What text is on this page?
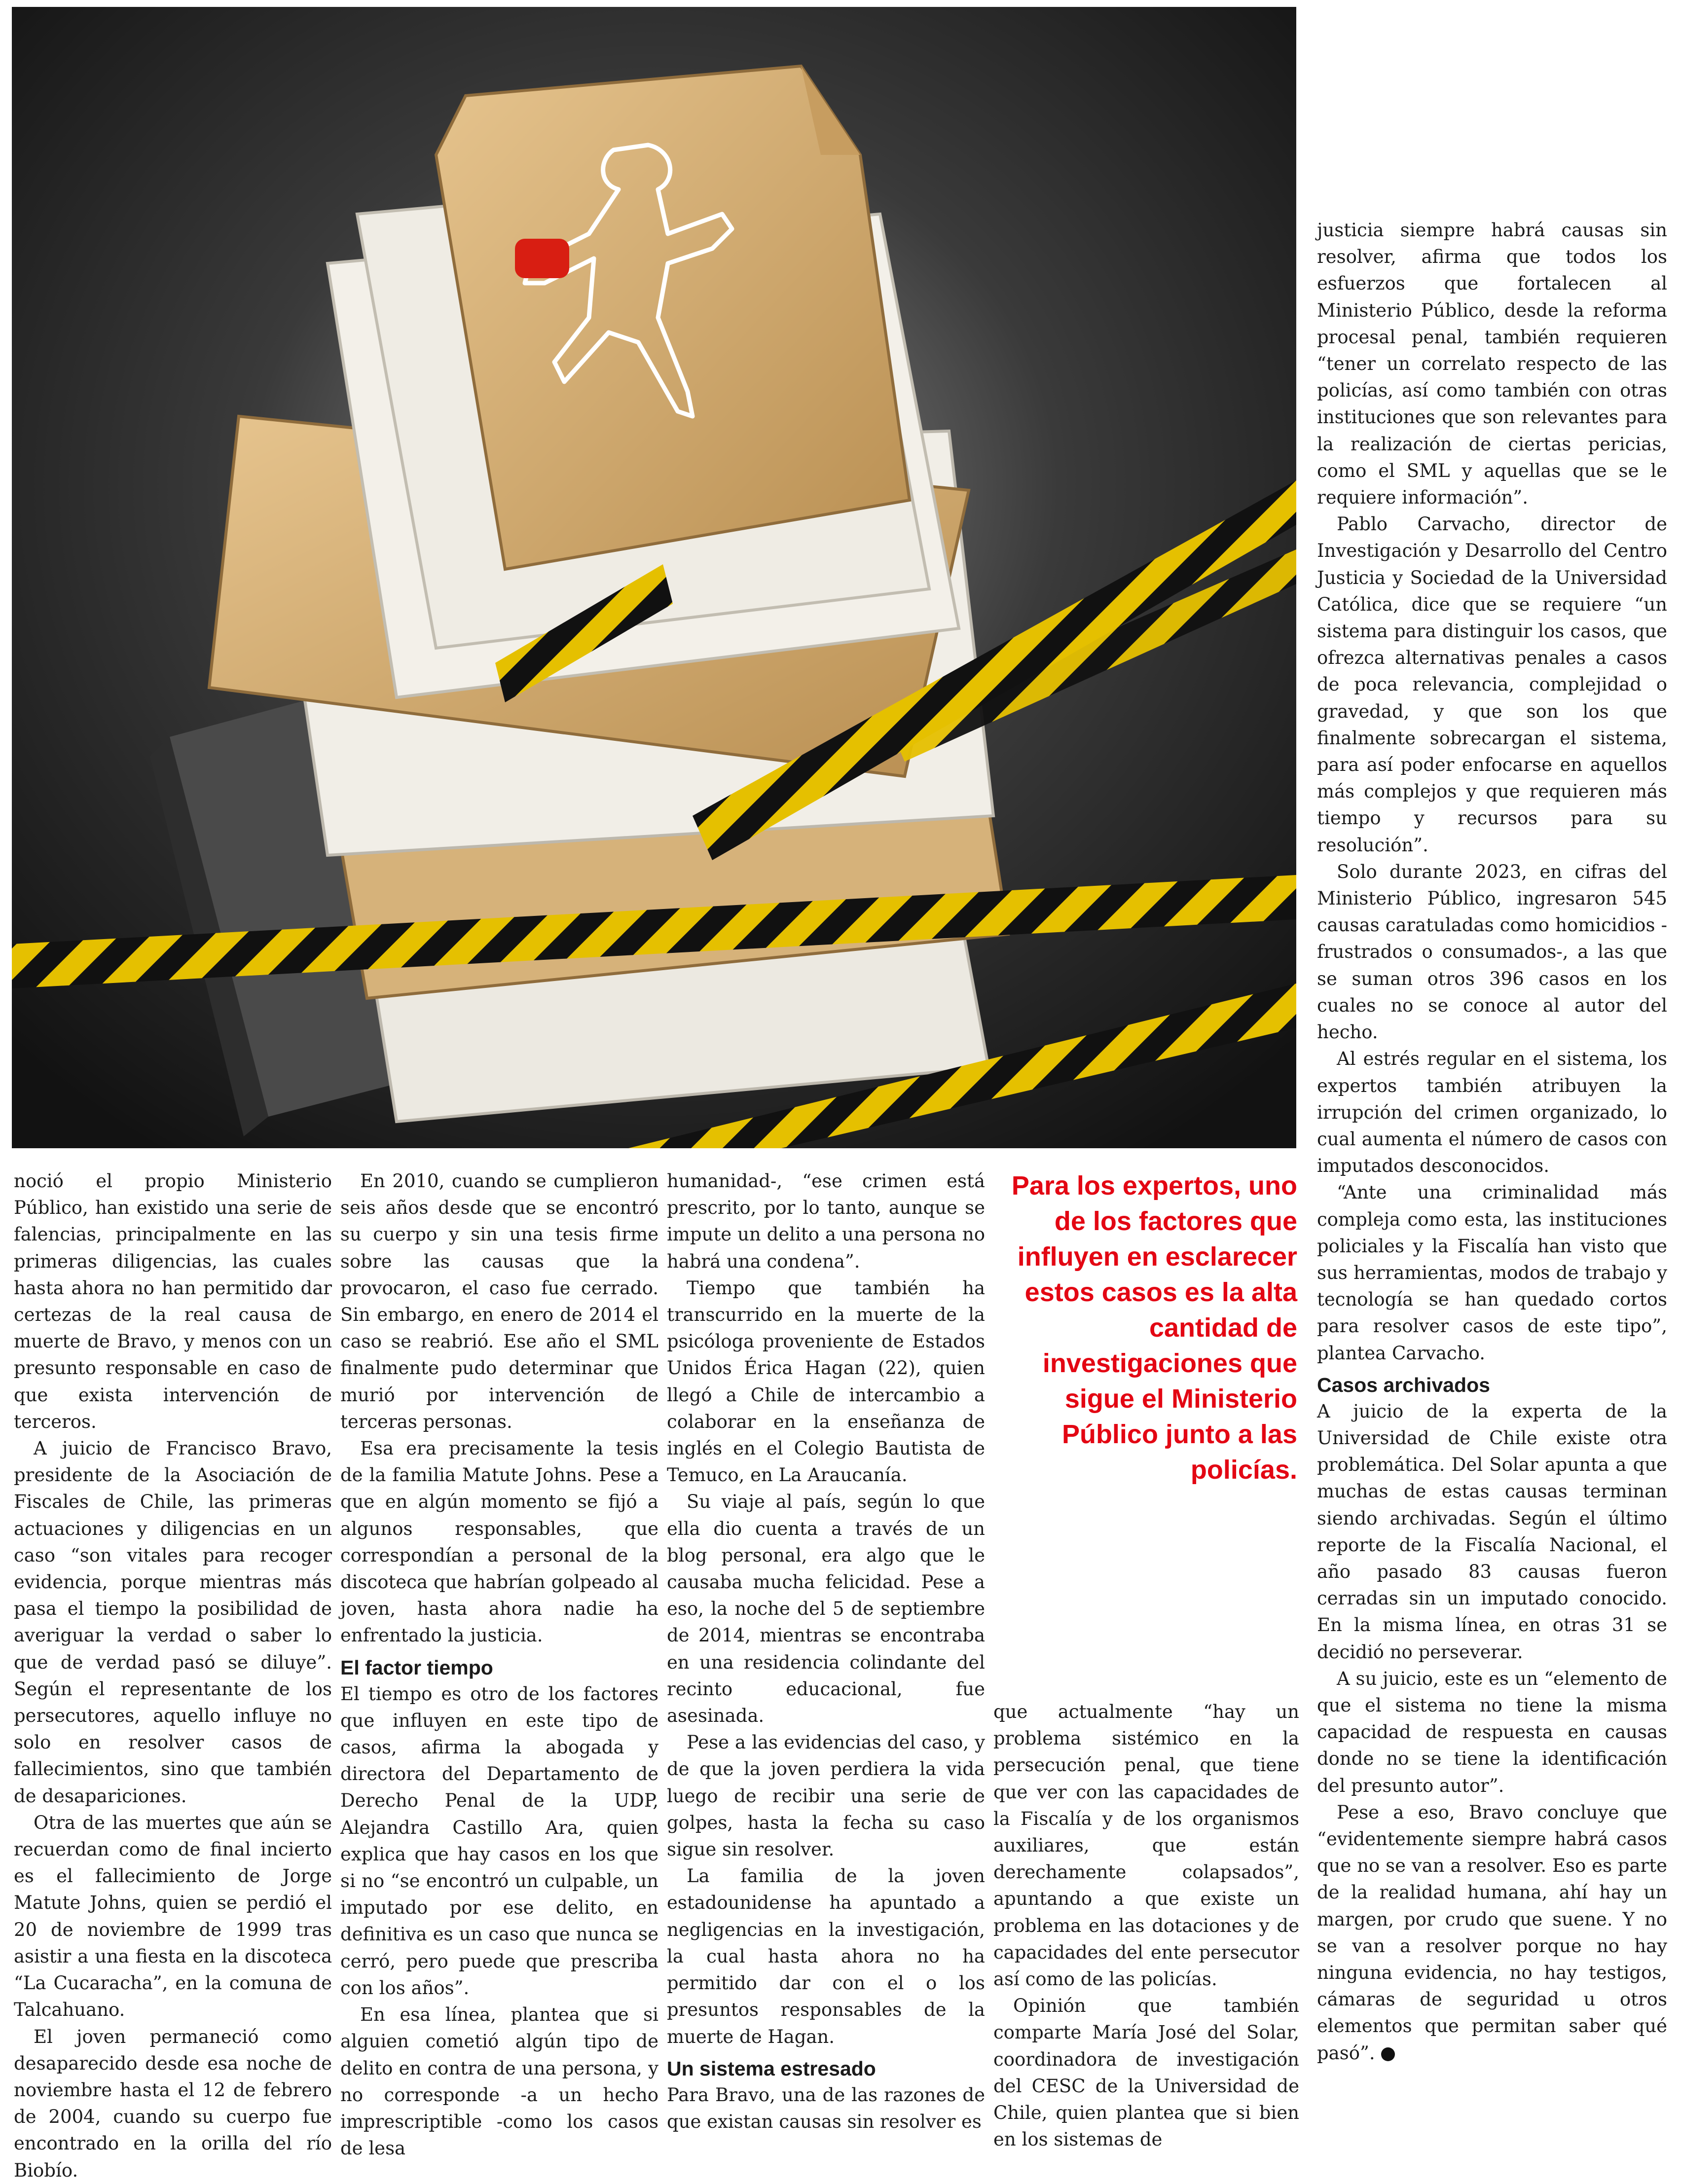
justicia siempre habrá causas sin resolver, afirma que todos los esfuerzos que fortalecen al Ministerio Público, desde la reforma procesal penal, también requieren “tener un correlato respecto de las policías, así como también con otras instituciones que son relevantes para la realización de ciertas pericias, como el SML y aquellas que se le requiere información”.

Pablo Carvacho, director de Investigación y Desarrollo del Centro Justicia y Sociedad de la Universidad Católica, dice que se requiere “un sistema para distinguir los casos, que ofrezca alternativas penales a casos de poca relevancia, complejidad o gravedad, y que son los que finalmente sobrecargan el sistema, para así poder enfocarse en aquellos más complejos y que requieren más tiempo y recursos para su resolución”.

Solo durante 2023, en cifras del Ministerio Público, ingresaron 545 causas caratuladas como homicidios -frustrados o consumados-, a las que se suman otros 396 casos en los cuales no se conoce al autor del hecho.

Al estrés regular en el sistema, los expertos también atribuyen la irrupción del crimen organizado, lo cual aumenta el número de casos con imputados desconocidos.

“Ante una criminalidad más compleja como esta, las instituciones policiales y la Fiscalía han visto que sus herramientas, modos de trabajo y tecnología se han quedado cortos para resolver casos de este tipo”, plantea Carvacho.

Casos archivados

A juicio de la experta de la Universidad de Chile existe otra problemática. Del Solar apunta a que muchas de estas causas terminan siendo archivadas. Según el último reporte de la Fiscalía Nacional, el año pasado 83 causas fueron cerradas sin un imputado conocido. En la misma línea, en otras 31 se decidió no perseverar.

A su juicio, este es un “elemento de que el sistema no tiene la misma capacidad de respuesta en causas donde no se tiene la identificación del presunto autor”.

Pese a eso, Bravo concluye que “evidentemente siempre habrá casos que no se van a resolver. Eso es parte de la realidad humana, ahí hay un margen, por crudo que suene. Y no se van a resolver porque no hay ninguna evidencia, no hay testigos, cámaras de seguridad u otros elementos que permitan saber qué pasó”.

noció el propio Ministerio Público, han existido una serie de falencias, principalmente en las primeras diligencias, las cuales hasta ahora no han permitido dar certezas de la real causa de muerte de Bravo, y menos con un presunto responsable en caso de que exista intervención de terceros.

A juicio de Francisco Bravo, presidente de la Asociación de Fiscales de Chile, las primeras actuaciones y diligencias en un caso “son vitales para recoger evidencia, porque mientras más pasa el tiempo la posibilidad de averiguar la verdad o saber lo que de verdad pasó se diluye”. Según el representante de los persecutores, aquello influye no solo en resolver casos de fallecimientos, sino que también de desapariciones.

Otra de las muertes que aún se recuerdan como de final incierto es el fallecimiento de Jorge Matute Johns, quien se perdió el 20 de noviembre de 1999 tras asistir a una fiesta en la discoteca “La Cucaracha”, en la comuna de Talcahuano.

El joven permaneció como desaparecido desde esa noche de noviembre hasta el 12 de febrero de 2004, cuando su cuerpo fue encontrado en la orilla del río Biobío.

En 2010, cuando se cumplieron seis años desde que se encontró su cuerpo y sin una tesis firme sobre las causas que la provocaron, el caso fue cerrado. Sin embargo, en enero de 2014 el caso se reabrió. Ese año el SML finalmente pudo determinar que murió por intervención de terceras personas.

Esa era precisamente la tesis de la familia Matute Johns. Pese a que en algún momento se fijó a algunos responsables, que correspondían a personal de la discoteca que habrían golpeado al joven, hasta ahora nadie ha enfrentado la justicia.

El factor tiempo

El tiempo es otro de los factores que influyen en este tipo de casos, afirma la abogada y directora del Departamento de Derecho Penal de la UDP, Alejandra Castillo Ara, quien explica que hay casos en los que si no “se encontró un culpable, un imputado por ese delito, en definitiva es un caso que nunca se cerró, pero puede que prescriba con los años”.

En esa línea, plantea que si alguien cometió algún tipo de delito en contra de una persona, y no corresponde -a un hecho imprescriptible -como los casos de lesa

humanidad-, “ese crimen está prescrito, por lo tanto, aunque se impute un delito a una persona no habrá una condena”.

Tiempo que también ha transcurrido en la muerte de la psicóloga proveniente de Estados Unidos Érica Hagan (22), quien llegó a Chile de intercambio a colaborar en la enseñanza de inglés en el Colegio Bautista de Temuco, en La Araucanía.

Su viaje al país, según lo que ella dio cuenta a través de un blog personal, era algo que le causaba mucha felicidad. Pese a eso, la noche del 5 de septiembre de 2014, mientras se encontraba en una residencia colindante del recinto educacional, fue asesinada.

Pese a las evidencias del caso, y de que la joven perdiera la vida luego de recibir una serie de golpes, hasta la fecha su caso sigue sin resolver.

La familia de la joven estadounidense ha apuntado a negligencias en la investigación, la cual hasta ahora no ha permitido dar con el o los presuntos responsables de la muerte de Hagan.

Un sistema estresado

Para Bravo, una de las razones de que existan causas sin resolver es

Para los expertos, uno de los factores que influyen en esclarecer estos casos es la alta cantidad de investigaciones que sigue el Ministerio Público junto a las policías.

que actualmente “hay un problema sistémico en la persecución penal, que tiene que ver con las capacidades de la Fiscalía y de los organismos auxiliares, que están derechamente colapsados”, apuntando a que existe un problema en las dotaciones y de capacidades del ente persecutor así como de las policías.

Opinión que también comparte María José del Solar, coordinadora de investigación del CESC de la Universidad de Chile, quien plantea que si bien en los sistemas de
